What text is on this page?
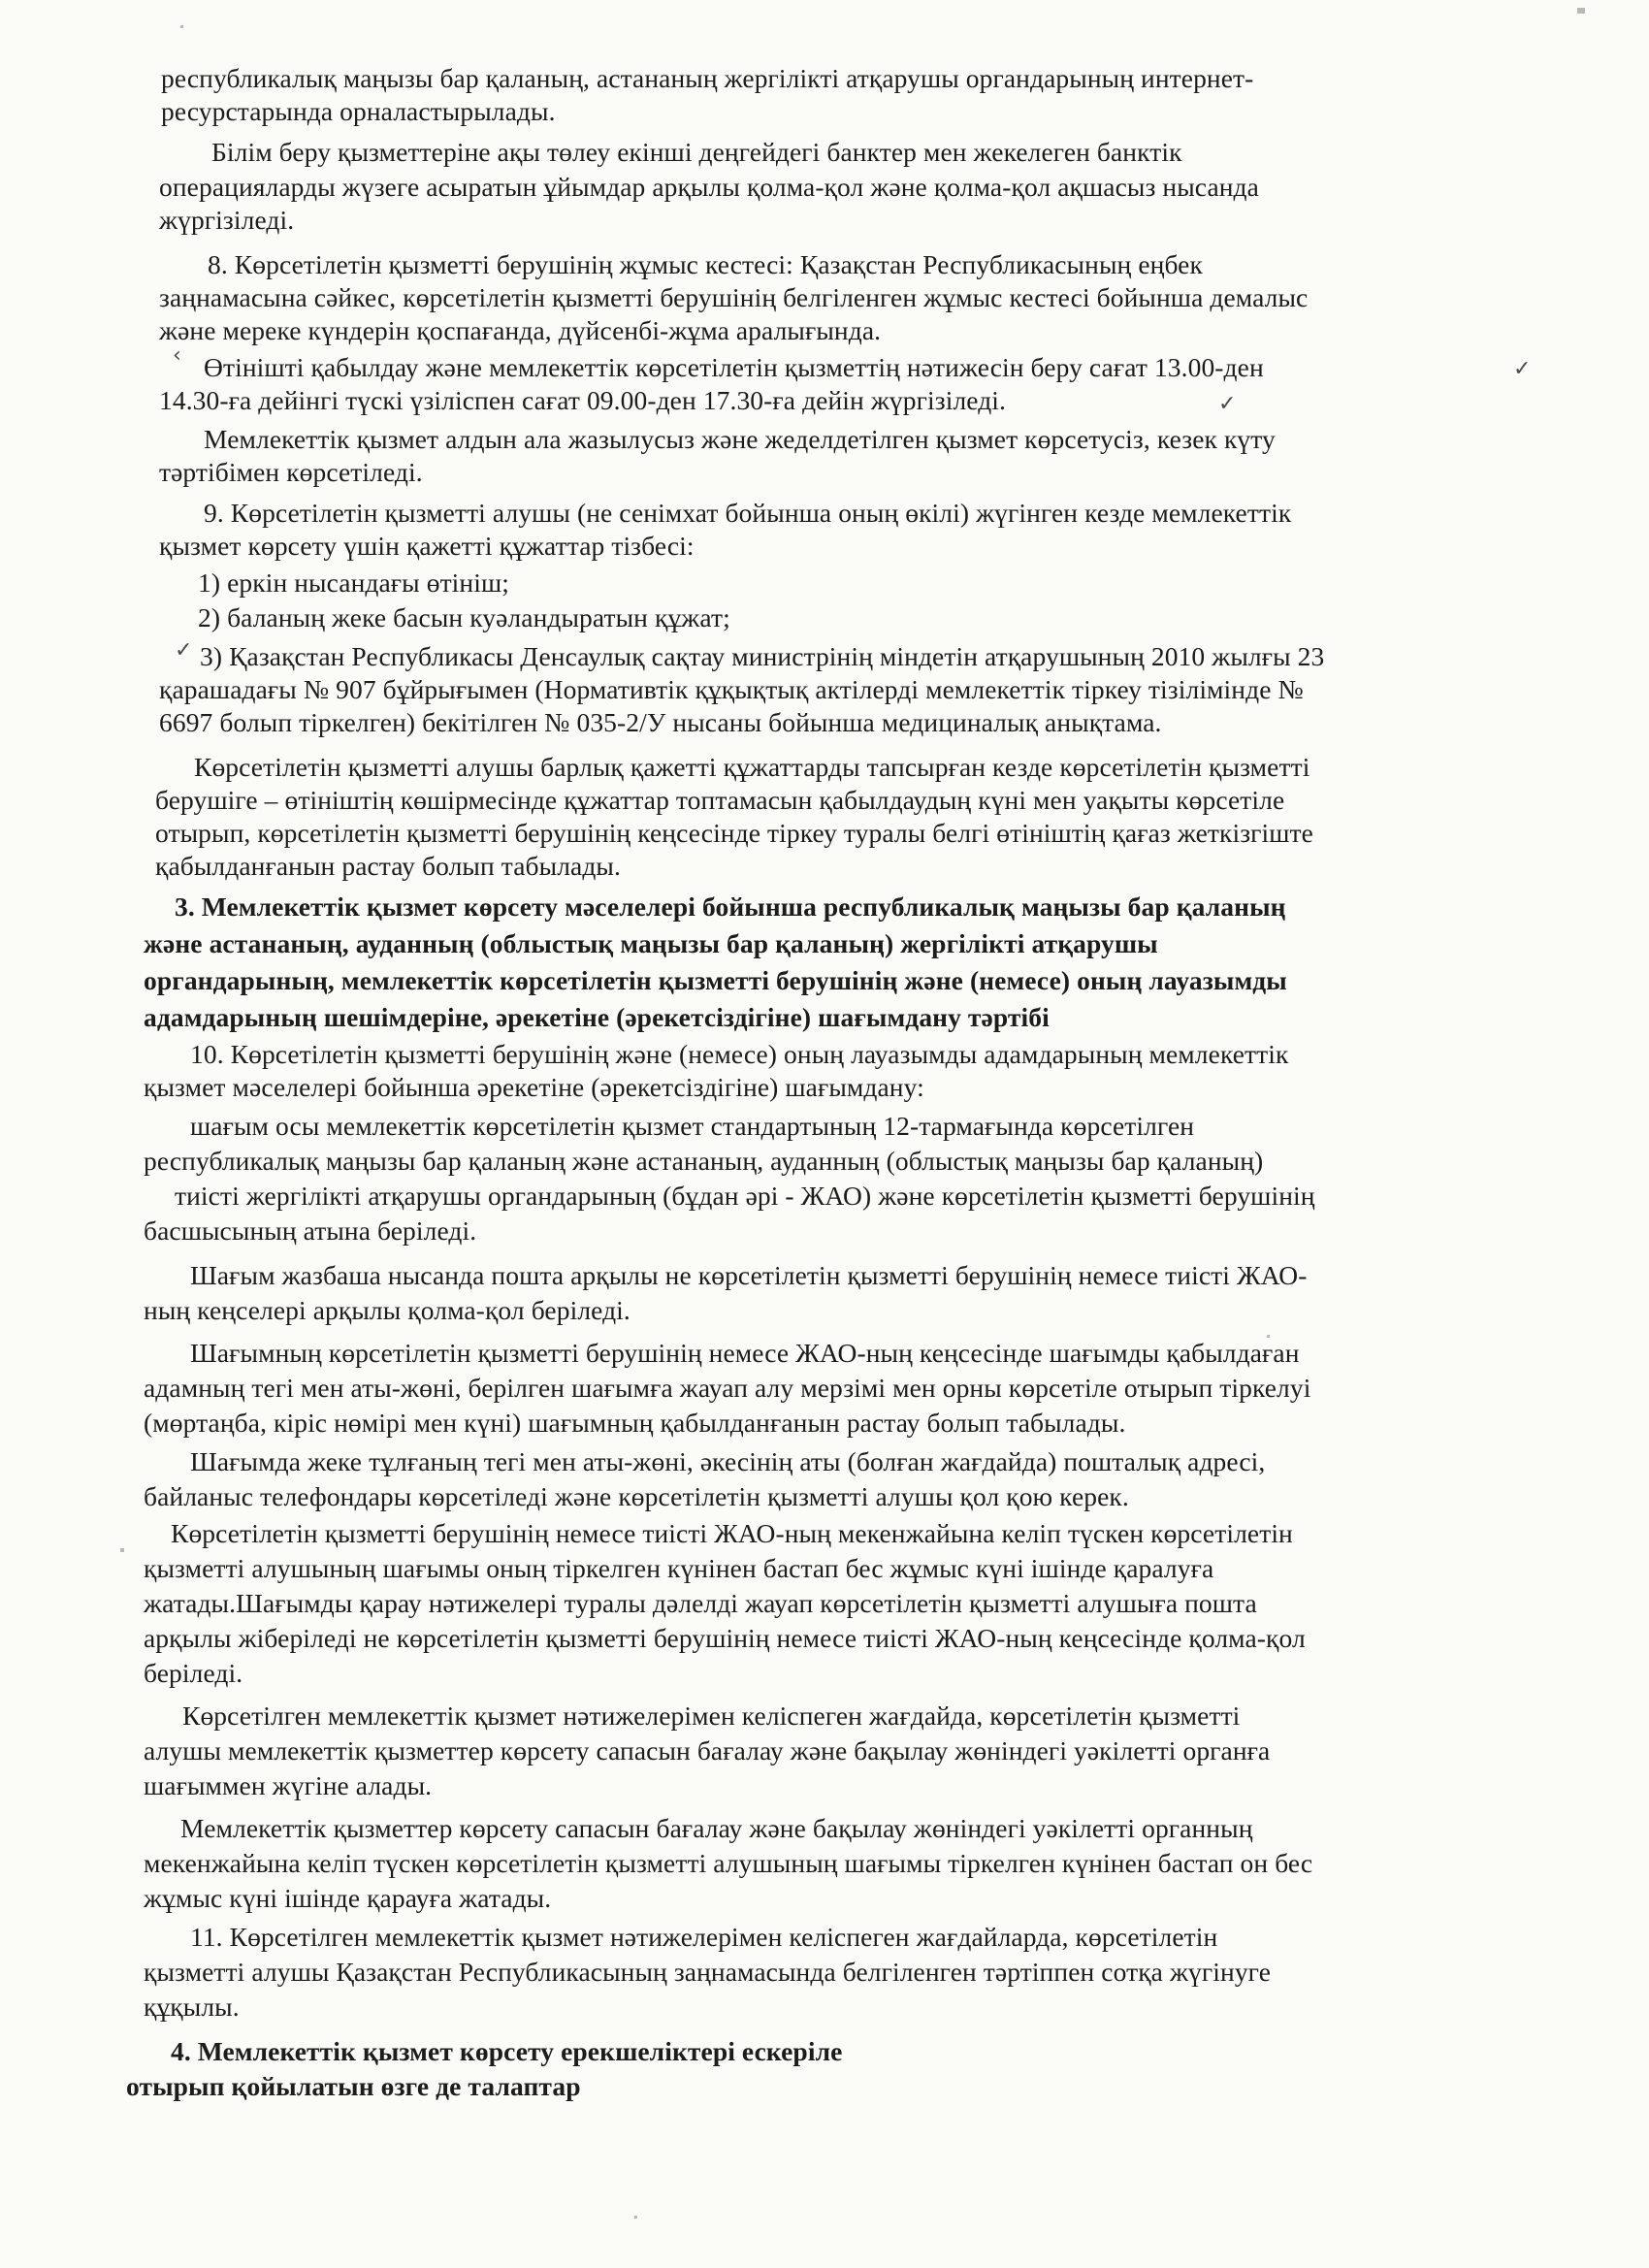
республикалық маңызы бар қаланың, астананың жергілікті атқарушы органдарының интернет-
ресурстарында орналастырылады.
Білім беру қызметтеріне ақы төлеу екінші деңгейдегі банктер мен жекелеген банктік
операцияларды жүзеге асыратын ұйымдар арқылы қолма-қол және қолма-қол ақшасыз нысанда
жүргізіледі.
8. Көрсетілетін қызметті берушінің жұмыс кестесі: Қазақстан Республикасының еңбек
заңнамасына сәйкес, көрсетілетін қызметті берушінің белгіленген жұмыс кестесі бойынша демалыс
және мереке күндерін қоспағанда, дүйсенбі-жұма аралығында.
Өтінішті қабылдау және мемлекеттік көрсетілетін қызметтің нәтижесін беру сағат 13.00-ден
14.30-ға дейінгі түскі үзіліспен сағат 09.00-ден 17.30-ға дейін жүргізіледі.
Мемлекеттік қызмет алдын ала жазылусыз және жеделдетілген қызмет көрсетусіз, кезек күту
тәртібімен көрсетіледі.
9. Көрсетілетін қызметті алушы (не сенімхат бойынша оның өкілі) жүгінген кезде мемлекеттік
қызмет көрсету үшін қажетті құжаттар тізбесі:
1) еркін нысандағы өтініш;
2) баланың жеке басын куәландыратын құжат;
3) Қазақстан Республикасы Денсаулық сақтау министрінің міндетін атқарушының 2010 жылғы 23
қарашадағы № 907 бұйрығымен (Нормативтік құқықтық актілерді мемлекеттік тіркеу тізілімінде №
6697 болып тіркелген) бекітілген № 035-2/У нысаны бойынша медициналық анықтама.
Көрсетілетін қызметті алушы барлық қажетті құжаттарды тапсырған кезде көрсетілетін қызметті
берушіге – өтініштің көшірмесінде құжаттар топтамасын қабылдаудың күні мен уақыты көрсетіле
отырып, көрсетілетін қызметті берушінің кеңсесінде тіркеу туралы белгі өтініштің қағаз жеткізгіште
қабылданғанын растау болып табылады.
3. Мемлекеттік қызмет көрсету мәселелері бойынша республикалық маңызы бар қаланың
және астананың, ауданның (облыстық маңызы бар қаланың) жергілікті атқарушы
органдарының, мемлекеттік көрсетілетін қызметті берушінің және (немесе) оның лауазымды
адамдарының шешімдеріне, әрекетіне (әрекетсіздігіне) шағымдану тәртібі
10. Көрсетілетін қызметті берушінің және (немесе) оның лауазымды адамдарының мемлекеттік
қызмет мәселелері бойынша әрекетіне (әрекетсіздігіне) шағымдану:
шағым осы мемлекеттік көрсетілетін қызмет стандартының 12-тармағында көрсетілген
республикалық маңызы бар қаланың және астананың, ауданның (облыстық маңызы бар қаланың)
тиісті жергілікті атқарушы органдарының (бұдан әрі - ЖАО) және көрсетілетін қызметті берушінің
басшысының атына беріледі.
Шағым жазбаша нысанда пошта арқылы не көрсетілетін қызметті берушінің немесе тиісті ЖАО-
ның кеңселері арқылы қолма-қол беріледі.
Шағымның көрсетілетін қызметті берушінің немесе ЖАО-ның кеңсесінде шағымды қабылдаған
адамның тегі мен аты-жөні, берілген шағымға жауап алу мерзімі мен орны көрсетіле отырып тіркелуі
(мөртаңба, кіріс нөмірі мен күні) шағымның қабылданғанын растау болып табылады.
Шағымда жеке тұлғаның тегі мен аты-жөні, әкесінің аты (болған жағдайда) пошталық адресі,
байланыс телефондары көрсетіледі және көрсетілетін қызметті алушы қол қою керек.
Көрсетілетін қызметті берушінің немесе тиісті ЖАО-ның мекенжайына келіп түскен көрсетілетін
қызметті алушының шағымы оның тіркелген күнінен бастап бес жұмыс күні ішінде қаралуға
жатады.Шағымды қарау нәтижелері туралы дәлелді жауап көрсетілетін қызметті алушыға пошта
арқылы жіберіледі не көрсетілетін қызметті берушінің немесе тиісті ЖАО-ның кеңсесінде қолма-қол
беріледі.
Көрсетілген мемлекеттік қызмет нәтижелерімен келіспеген жағдайда, көрсетілетін қызметті
алушы мемлекеттік қызметтер көрсету сапасын бағалау және бақылау жөніндегі уәкілетті органға
шағыммен жүгіне алады.
Мемлекеттік қызметтер көрсету сапасын бағалау және бақылау жөніндегі уәкілетті органның
мекенжайына келіп түскен көрсетілетін қызметті алушының шағымы тіркелген күнінен бастап он бес
жұмыс күні ішінде қарауға жатады.
11. Көрсетілген мемлекеттік қызмет нәтижелерімен келіспеген жағдайларда, көрсетілетін
қызметті алушы Қазақстан Республикасының заңнамасында белгіленген тәртіппен сотқа жүгінуге
құқылы.
4. Мемлекеттік қызмет көрсету ерекшеліктері ескеріле
отырып қойылатын өзге де талаптар
‹
✓
✓
✓
